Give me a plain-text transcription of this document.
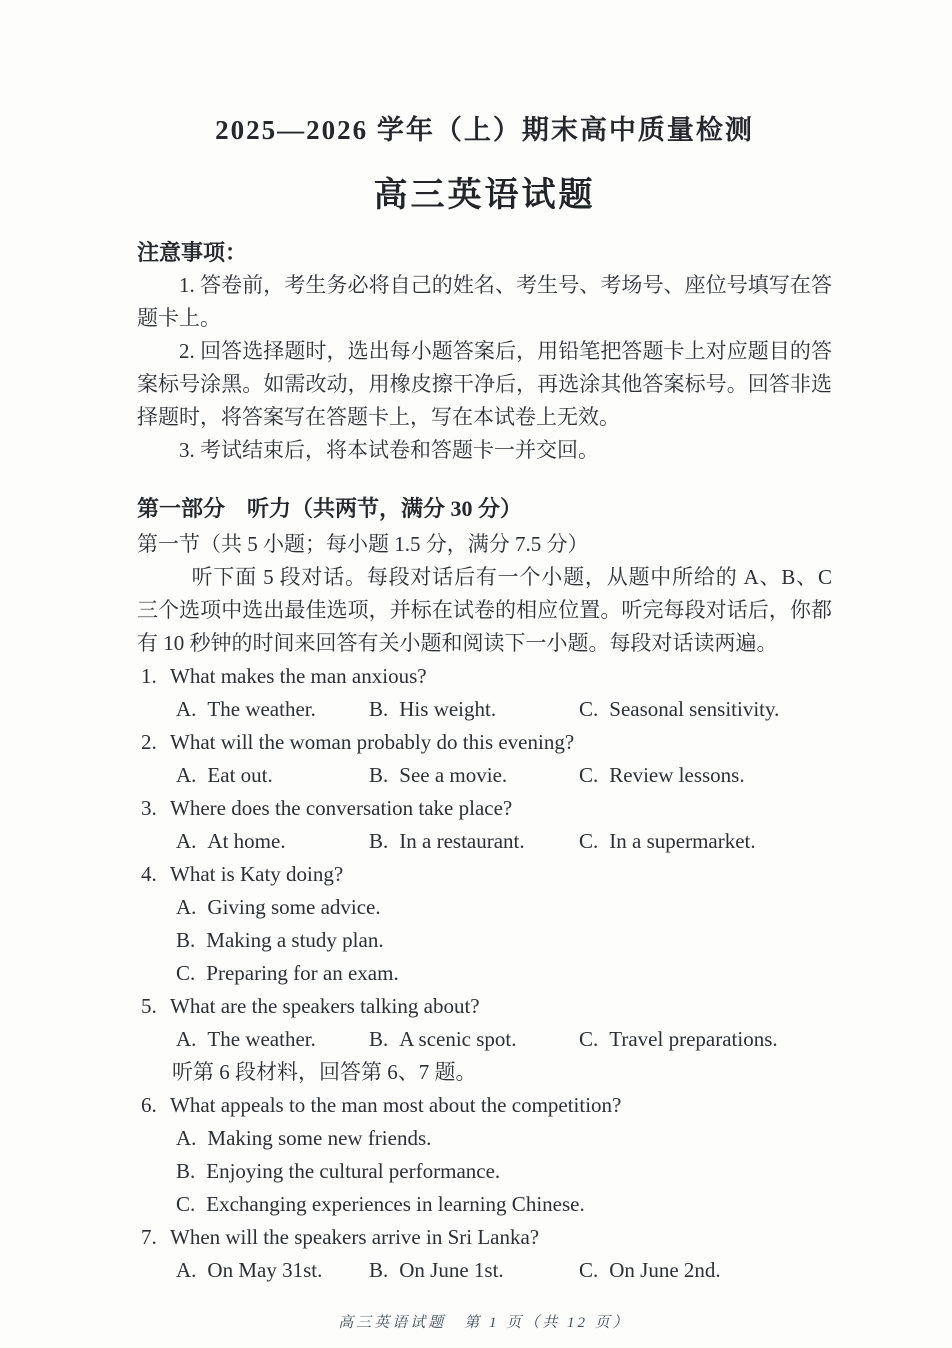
2025—2026 学年（上）期末高中质量检测
高三英语试题
注意事项：

1. 答卷前，考生务必将自己的姓名、考生号、考场号、座位号填写在答题卡上。

2. 回答选择题时，选出每小题答案后，用铅笔把答题卡上对应题目的答案标号涂黑。如需改动，用橡皮擦干净后，再选涂其他答案标号。回答非选择题时，将答案写在答题卡上，写在本试卷上无效。

3. 考试结束后，将本试卷和答题卡一并交回。

第一部分　听力（共两节，满分 30 分）
第一节（共 5 小题；每小题 1.5 分，满分 7.5 分）

听下面 5 段对话。每段对话后有一个小题，从题中所给的 A、B、C 三个选项中选出最佳选项，并标在试卷的相应位置。听完每段对话后，你都有 10 秒钟的时间来回答有关小题和阅读下一小题。每段对话读两遍。

1. What makes the man anxious?
A. The weather.	B. His weight.	C. Seasonal sensitivity.
2. What will the woman probably do this evening?
A. Eat out.	B. See a movie.	C. Review lessons.
3. Where does the conversation take place?
A. At home.	B. In a restaurant.	C. In a supermarket.
4. What is Katy doing?
A. Giving some advice.
B. Making a study plan.
C. Preparing for an exam.
5. What are the speakers talking about?
A. The weather.	B. A scenic spot.	C. Travel preparations.

听第 6 段材料，回答第 6、7 题。

6. What appeals to the man most about the competition?
A. Making some new friends.
B. Enjoying the cultural performance.
C. Exchanging experiences in learning Chinese.
7. When will the speakers arrive in Sri Lanka?
A. On May 31st.	B. On June 1st.	C. On June 2nd.
高三英语试题　第 1 页（共 12 页）
